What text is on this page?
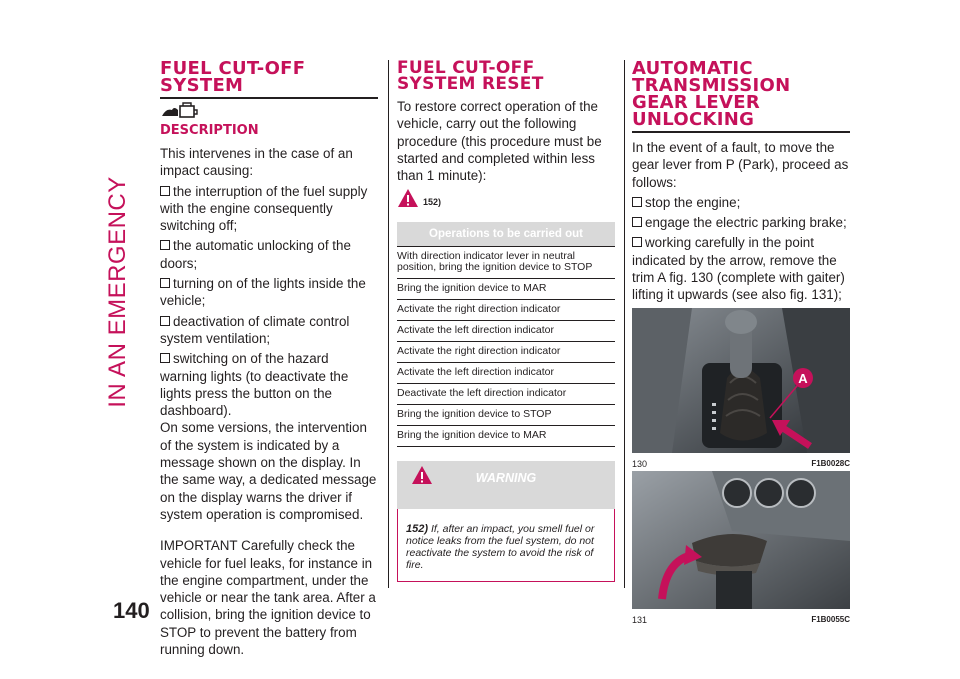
IN AN EMERGENCY
140
FUEL CUT-OFF SYSTEM
DESCRIPTION

This intervenes in the case of an impact causing:

the interruption of the fuel supply with the engine consequently switching off;

the automatic unlocking of the doors;

turning on of the lights inside the vehicle;

deactivation of climate control system ventilation;

switching on of the hazard warning lights (to deactivate the lights press the button on the dashboard).

On some versions, the intervention of the system is indicated by a message shown on the display. In the same way, a dedicated message on the display warns the driver if system operation is compromised.

IMPORTANT Carefully check the vehicle for fuel leaks, for instance in the engine compartment, under the vehicle or near the tank area. After a collision, bring the ignition device to STOP to prevent the battery from running down.

FUEL CUT-OFF SYSTEM RESET

To restore correct operation of the vehicle, carry out the following procedure (this procedure must be started and completed within less than 1 minute):

152)
Operations to be carried out
With direction indicator lever in neutral position, bring the ignition device to STOP
Bring the ignition device to MAR
Activate the right direction indicator
Activate the left direction indicator
Activate the right direction indicator
Activate the left direction indicator
Deactivate the left direction indicator
Bring the ignition device to STOP
Bring the ignition device to MAR
WARNING
152) If, after an impact, you smell fuel or notice leaks from the fuel system, do not reactivate the system to avoid the risk of fire.
AUTOMATIC TRANSMISSION GEAR LEVER UNLOCKING

In the event of a fault, to move the gear lever from P (Park), proceed as follows:

stop the engine;

engage the electric parking brake;

working carefully in the point indicated by the arrow, remove the trim A fig. 130 (complete with gaiter) lifting it upwards (see also fig. 131);

A
130	F1B0028C
131	F1B0055C
